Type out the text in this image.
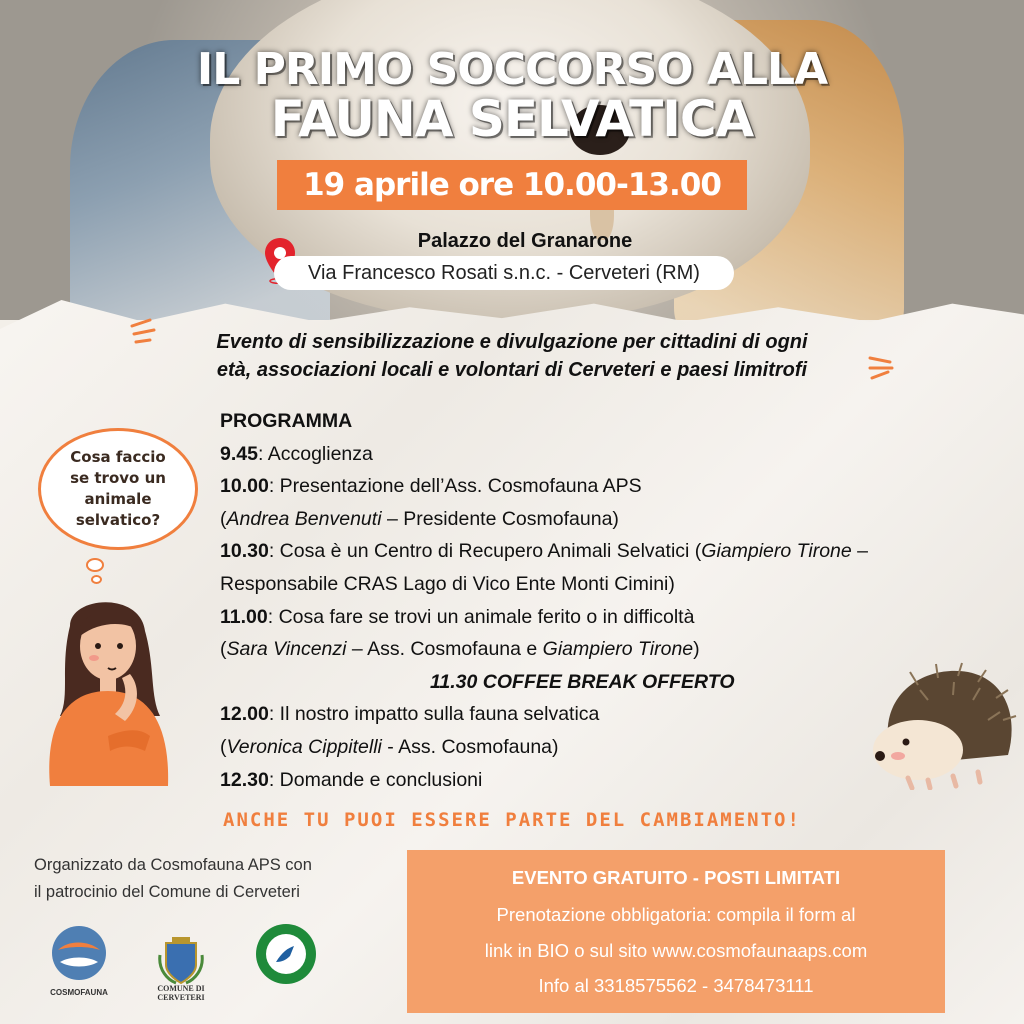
IL PRIMO SOCCORSO ALLA
FAUNA SELVATICA
19 aprile ore 10.00-13.00
Palazzo del Granarone
Via Francesco Rosati s.n.c. - Cerveteri (RM)
Evento di sensibilizzazione e divulgazione per cittadini di ogni
età, associazioni locali e volontari di Cerveteri e paesi limitrofi
Cosa faccio
se trovo un
animale
selvatico?
PROGRAMMA
9.45: Accoglienza
10.00: Presentazione dell’Ass. Cosmofauna APS
(Andrea Benvenuti – Presidente Cosmofauna)
10.30: Cosa è un Centro di Recupero Animali Selvatici (Giampiero Tirone –
Responsabile CRAS Lago di Vico Ente Monti Cimini)
11.00: Cosa fare se trovi un animale ferito o in difficoltà
(Sara Vincenzi – Ass. Cosmofauna e Giampiero Tirone)
11.30 COFFEE BREAK OFFERTO
12.00: Il nostro impatto sulla fauna selvatica
(Veronica Cippitelli - Ass. Cosmofauna)
12.30: Domande e conclusioni
ANCHE TU PUOI ESSERE PARTE DEL CAMBIAMENTO!
Organizzato da Cosmofauna APS con
il patrocinio del Comune di Cerveteri
COSMOFAUNA	COMUNE DI
CERVETERI
EVENTO GRATUITO - POSTI LIMITATI
Prenotazione obbligatoria: compila il form al
link in BIO o sul sito www.cosmofaunaaps.com
Info al 3318575562 - 3478473111
